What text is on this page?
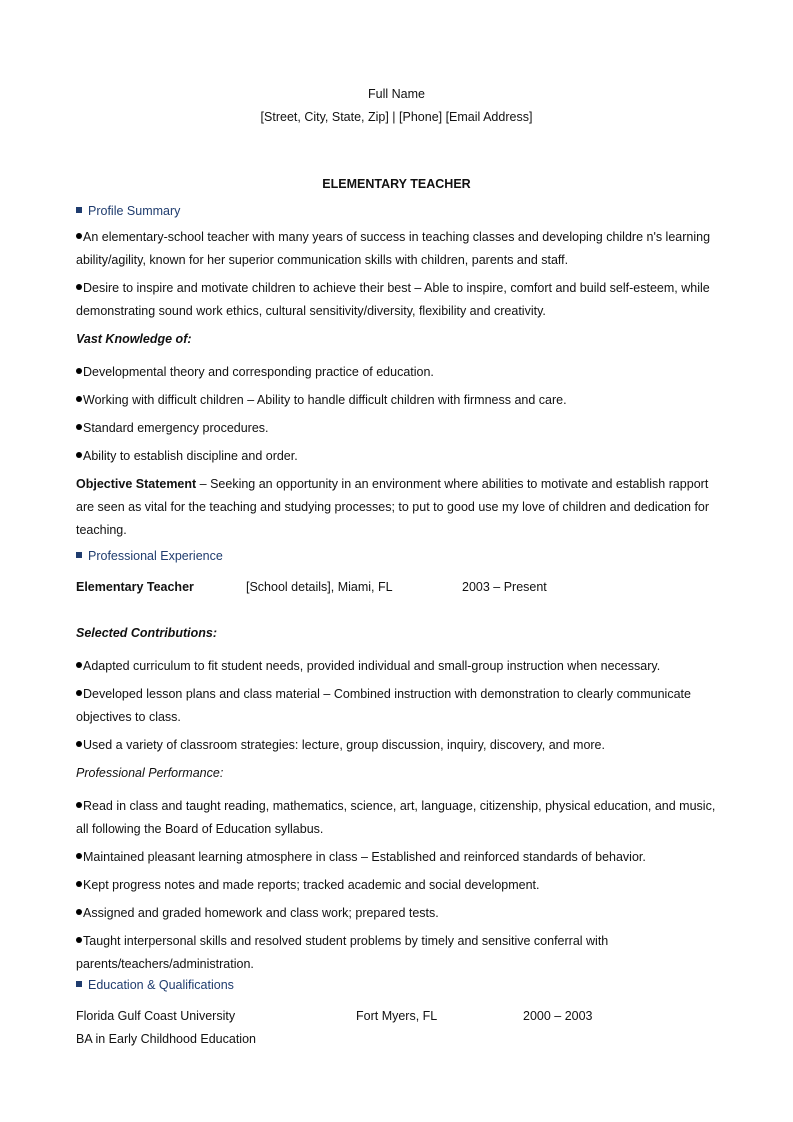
Full Name
[Street, City, State, Zip] | [Phone] [Email Address]
ELEMENTARY TEACHER
Profile Summary
An elementary-school teacher with many years of success in teaching classes and developing childre n's learning ability/agility, known for her superior communication skills with children, parents and staff.
Desire to inspire and motivate children to achieve their best – Able to inspire, comfort and build self-esteem, while demonstrating sound work ethics, cultural sensitivity/diversity, flexibility and creativity.
Vast Knowledge of:
Developmental theory and corresponding practice of education.
Working with difficult children – Ability to handle difficult children with firmness and care.
Standard emergency procedures.
Ability to establish discipline and order.
Objective Statement – Seeking an opportunity in an environment where abilities to motivate and establish rapport are seen as vital for the teaching and studying processes; to put to good use my love of children and dedication for teaching.
Professional Experience
Elementary Teacher	[School details], Miami, FL	2003 – Present
Selected Contributions:
Adapted curriculum to fit student needs, provided individual and small-group instruction when necessary.
Developed lesson plans and class material – Combined instruction with demonstration to clearly communicate objectives to class.
Used a variety of classroom strategies: lecture, group discussion, inquiry, discovery, and more.
Professional Performance:
Read in class and taught reading, mathematics, science, art, language, citizenship, physical education, and music, all following the Board of Education syllabus.
Maintained pleasant learning atmosphere in class – Established and reinforced standards of behavior.
Kept progress notes and made reports; tracked academic and social development.
Assigned and graded homework and class work; prepared tests.
Taught interpersonal skills and resolved student problems by timely and sensitive conferral with parents/teachers/administration.
Education & Qualifications
Florida Gulf Coast University	Fort Myers, FL	2000 – 2003
BA in Early Childhood Education
